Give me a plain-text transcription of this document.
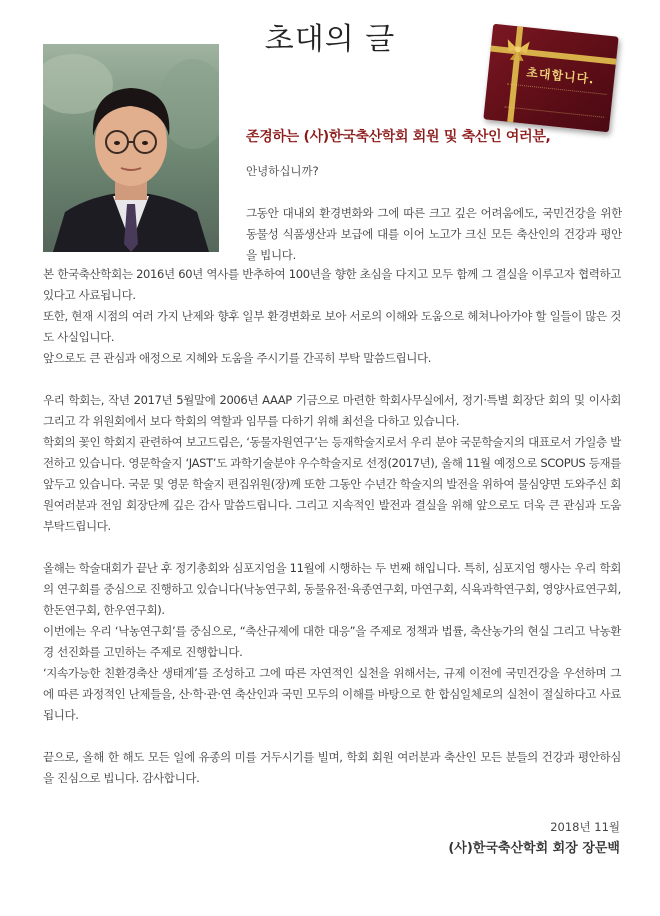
초대의 글
초대합니다.

존경하는 (사)한국축산학회 회원 및 축산인 여러분,

안녕하십니까?

그동안 대내외 환경변화와 그에 따른 크고 깊은 어려움에도, 국민건강을 위한 동물성 식품생산과 보급에 대를 이어 노고가 크신 모든 축산인의 건강과 평안을 빕니다.

본 한국축산학회는 2016년 60년 역사를 반추하여 100년을 향한 초심을 다지고 모두 함께 그 결실을 이루고자 협력하고 있다고 사료됩니다.

또한, 현재 시점의 여러 가지 난제와 향후 일부 환경변화로 보아 서로의 이해와 도움으로 헤쳐나아가야 할 일들이 많은 것도 사실입니다.

앞으로도 큰 관심과 애정으로 지혜와 도움을 주시기를 간곡히 부탁 말씀드립니다.

우리 학회는, 작년 2017년 5월말에 2006년 AAAP 기금으로 마련한 학회사무실에서, 정기·특별 회장단 회의 및 이사회 그리고 각 위원회에서 보다 학회의 역할과 임무를 다하기 위해 최선을 다하고 있습니다.

학회의 꽃인 학회지 관련하여 보고드림은, ‘동물자원연구’는 등재학술지로서 우리 분야 국문학술지의 대표로서 가일층 발전하고 있습니다. 영문학술지 ‘JAST’도 과학기술분야 우수학술지로 선정(2017년), 올해 11월 예정으로 SCOPUS 등재를 앞두고 있습니다. 국문 및 영문 학술지 편집위원(장)께 또한 그동안 수년간 학술지의 발전을 위하여 물심양면 도와주신 회원여러분과 전임 회장단께 깊은 감사 말씀드립니다. 그리고 지속적인 발전과 결실을 위해 앞으로도 더욱 큰 관심과 도움 부탁드립니다.

올해는 학술대회가 끝난 후 정기총회와 심포지엄을 11월에 시행하는 두 번째 해입니다. 특히, 심포지엄 행사는 우리 학회의 연구회를 중심으로 진행하고 있습니다(낙농연구회, 동물유전·육종연구회, 마연구회, 식육과학연구회, 영양사료연구회, 한돈연구회, 한우연구회).

이번에는 우리 ‘낙농연구회’를 중심으로, “축산규제에 대한 대응”을 주제로 정책과 법률, 축산농가의 현실 그리고 낙농환경 선진화를 고민하는 주제로 진행합니다.

‘지속가능한 친환경축산 생태계’를 조성하고 그에 따른 자연적인 실천을 위해서는, 규제 이전에 국민건강을 우선하며 그에 따른 과정적인 난제들을, 산·학·관·연 축산인과 국민 모두의 이해를 바탕으로 한 합심일체로의 실천이 절실하다고 사료됩니다.

끝으로, 올해 한 해도 모든 일에 유종의 미를 거두시기를 빌며, 학회 회원 여러분과 축산인 모든 분들의 건강과 평안하심을 진심으로 빕니다. 감사합니다.

2018년 11월
(사)한국축산학회 회장 장문백
